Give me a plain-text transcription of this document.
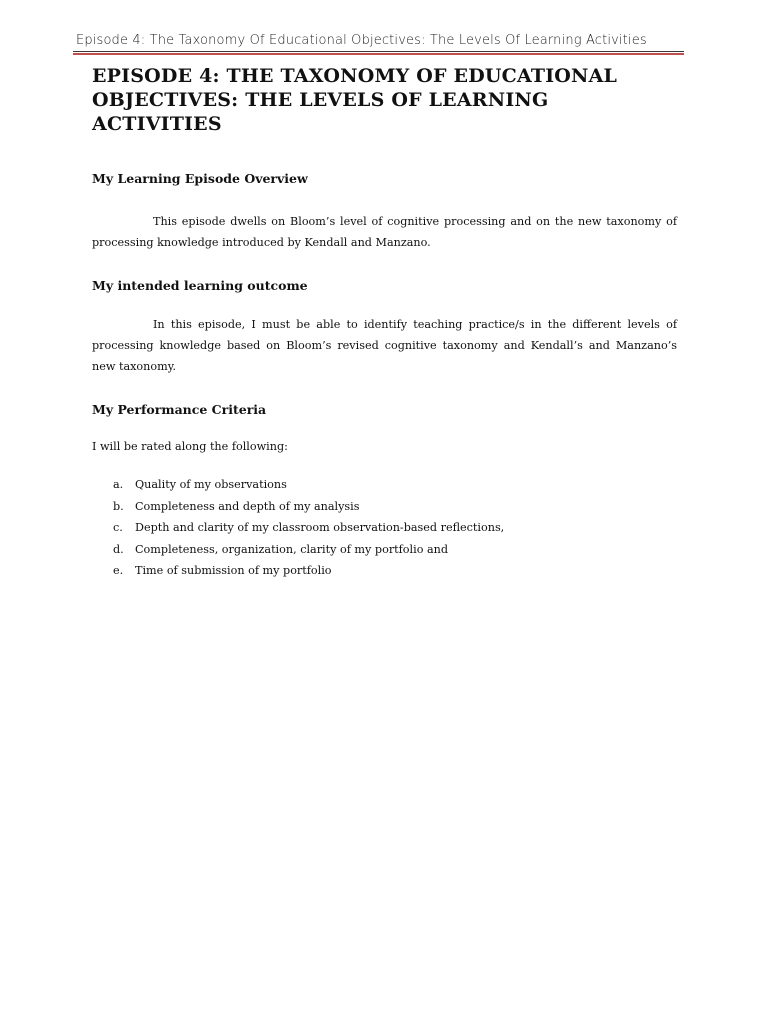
Episode 4: The Taxonomy Of Educational Objectives: The Levels Of Learning Activities
EPISODE 4: THE TAXONOMY OF EDUCATIONAL OBJECTIVES: THE LEVELS OF LEARNING ACTIVITIES
My Learning Episode Overview

This episode dwells on Bloom’s level of cognitive processing and on the new taxonomy of processing knowledge introduced by Kendall and Manzano.

My intended learning outcome

In this episode, I must be able to identify teaching practice/s in the different levels of processing knowledge based on Bloom’s revised cognitive taxonomy and Kendall’s and Manzano’s new taxonomy.

My Performance Criteria

I will be rated along the following:

a. Quality of my observations
b. Completeness and depth of my analysis
c. Depth and clarity of my classroom observation-based reflections,
d. Completeness, organization, clarity of my portfolio and
e. Time of submission of my portfolio
